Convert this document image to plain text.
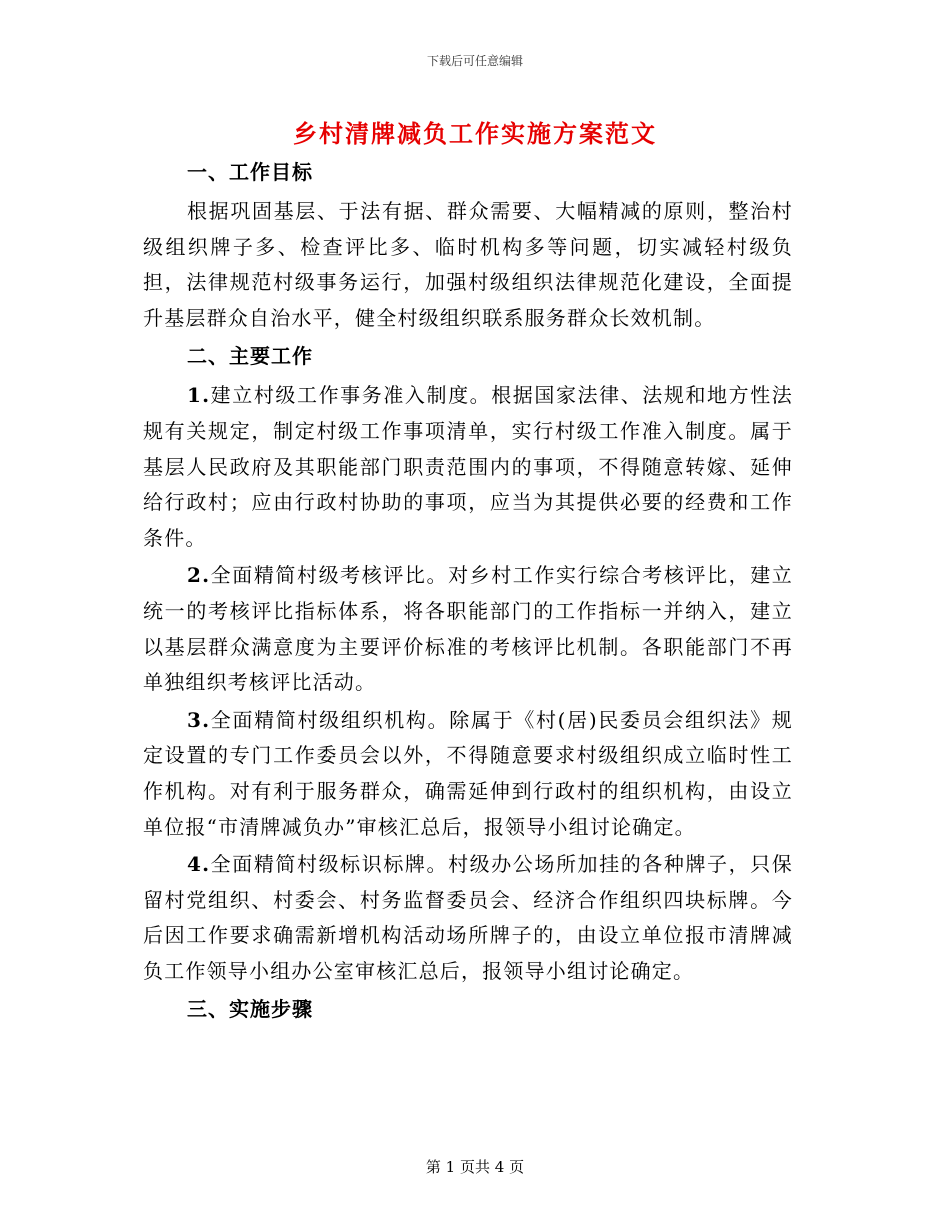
下载后可任意编辑
乡村清牌减负工作实施方案范文
一、工作目标
根据巩固基层、于法有据、群众需要、大幅精减的原则，整治村级组织牌子多、检查评比多、临时机构多等问题，切实减轻村级负担，法律规范村级事务运行，加强村级组织法律规范化建设，全面提升基层群众自治水平，健全村级组织联系服务群众长效机制。
二、主要工作
1.建立村级工作事务准入制度。根据国家法律、法规和地方性法规有关规定，制定村级工作事项清单，实行村级工作准入制度。属于基层人民政府及其职能部门职责范围内的事项，不得随意转嫁、延伸给行政村；应由行政村协助的事项，应当为其提供必要的经费和工作条件。
2.全面精简村级考核评比。对乡村工作实行综合考核评比，建立统一的考核评比指标体系，将各职能部门的工作指标一并纳入，建立以基层群众满意度为主要评价标准的考核评比机制。各职能部门不再单独组织考核评比活动。
3.全面精简村级组织机构。除属于《村(居)民委员会组织法》规定设置的专门工作委员会以外，不得随意要求村级组织成立临时性工作机构。对有利于服务群众，确需延伸到行政村的组织机构，由设立单位报“市清牌减负办”审核汇总后，报领导小组讨论确定。
4.全面精简村级标识标牌。村级办公场所加挂的各种牌子，只保留村党组织、村委会、村务监督委员会、经济合作组织四块标牌。今后因工作要求确需新增机构活动场所牌子的，由设立单位报市清牌减负工作领导小组办公室审核汇总后，报领导小组讨论确定。
三、实施步骤
第 1 页共 4 页
